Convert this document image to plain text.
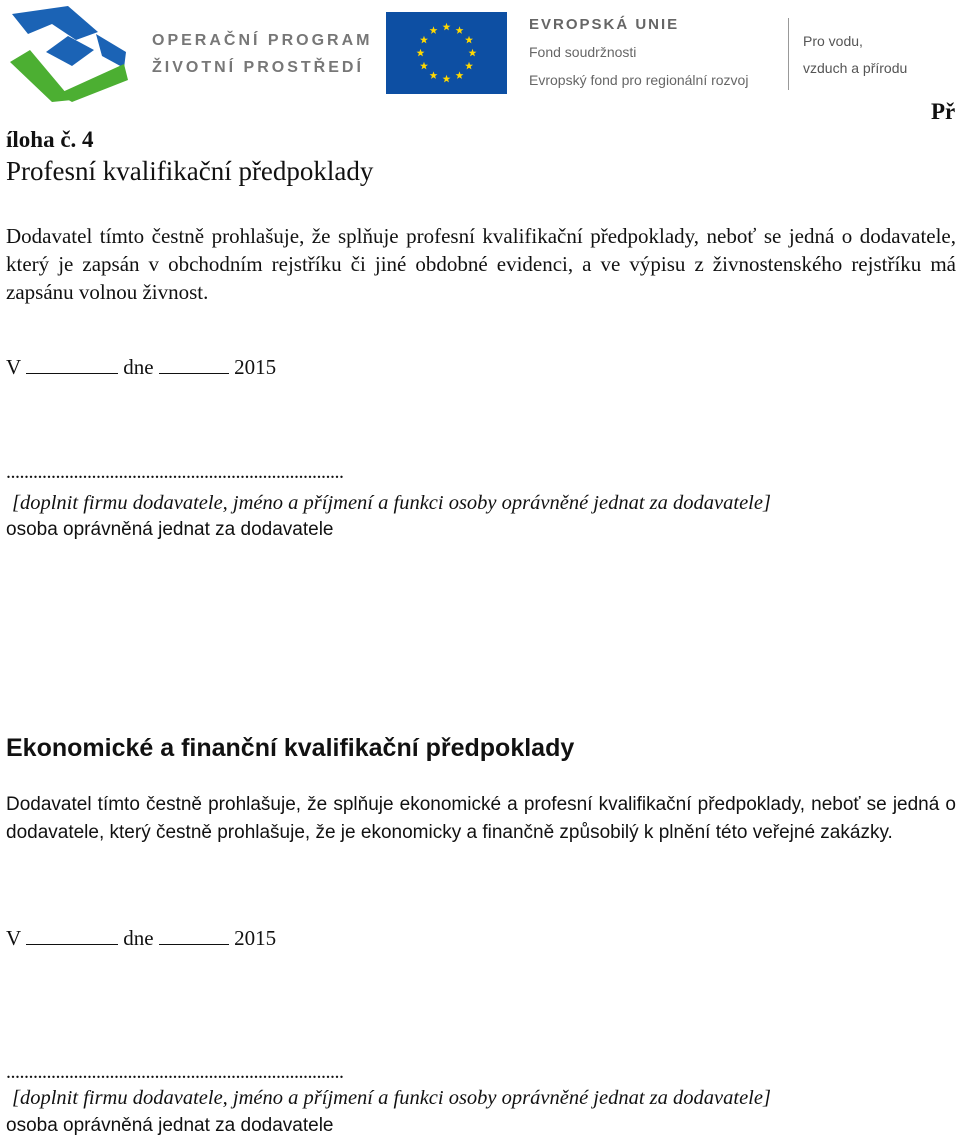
OPERAČNÍ PROGRAM
ŽIVOTNÍ PROSTŘEDÍ
EVROPSKÁ UNIE
Fond soudržnosti
Evropský fond pro regionální rozvoj
Pro vodu,
vzduch a přírodu
Př
íloha č. 4
Profesní kvalifikační předpoklady
Dodavatel tímto čestně prohlašuje, že splňuje profesní kvalifikační předpoklady, neboť se jedná o dodavatele, který je zapsán v obchodním rejstříku či jiné obdobné evidenci, a ve výpisu z živnostenského rejstříku má zapsánu volnou živnost.
V	dne	2015
...........................................................................
[doplnit firmu dodavatele, jméno a příjmení a funkci osoby oprávněné jednat za dodavatele]
osoba oprávněná jednat za dodavatele
Ekonomické a finanční kvalifikační předpoklady
Dodavatel tímto čestně prohlašuje, že splňuje ekonomické a profesní kvalifikační předpoklady, neboť se jedná o dodavatele, který čestně prohlašuje, že je ekonomicky a finančně způsobilý k plnění této veřejné zakázky.
V	dne	2015
...........................................................................
[doplnit firmu dodavatele, jméno a příjmení a funkci osoby oprávněné jednat za dodavatele]
osoba oprávněná jednat za dodavatele
